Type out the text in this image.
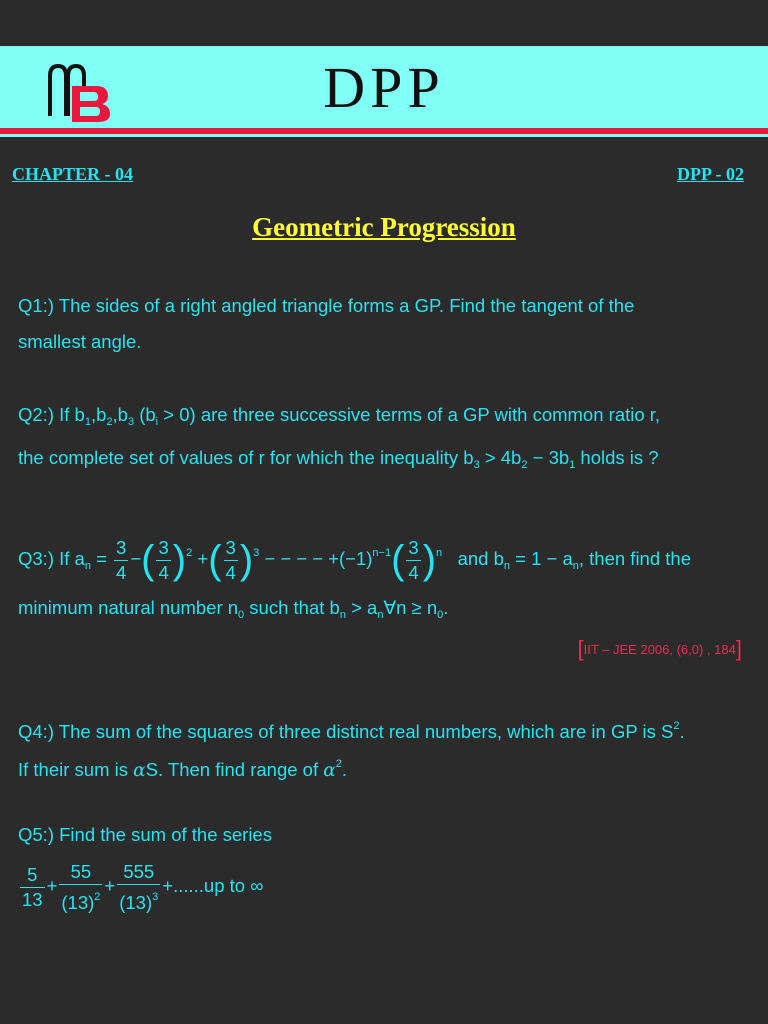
DPP
CHAPTER - 04	DPP - 02
Geometric Progression
Q1:) The sides of a right angled triangle forms a GP. Find the tangent of the
smallest angle.
Q2:) If $b_1,b_2,b_3$ $(b_i > 0)$ are three successive terms of a GP with common ratio r,
the complete set of values of r for which the inequality $b_3 > 4b_2 - 3b_1$ holds is ?
Q3:) If $a_n = \frac{3}{4}$ −( $\frac{3}{4} )^2$ +( $\frac{3}{4} )^3$ − − − − $+(-1)^{n-1}( \frac{3}{4} )^n$ and $b_n = 1 - a_n$, then find the
minimum natural number $n_0$ such that $b_n$ > $a_n\forall n \ge n_0$.
[IIT – JEE 2006, (6,0) , 184]
Q4:) The sum of the squares of three distinct real numbers, which are in GP is $S^2$.
If their sum is αS. Then find range of $\alpha^2$.
Q5:) Find the sum of the series
$\frac{5}{13} + \frac{55}{(13)^2} + \frac{555}{(13)^3} +......up$ to ∞
